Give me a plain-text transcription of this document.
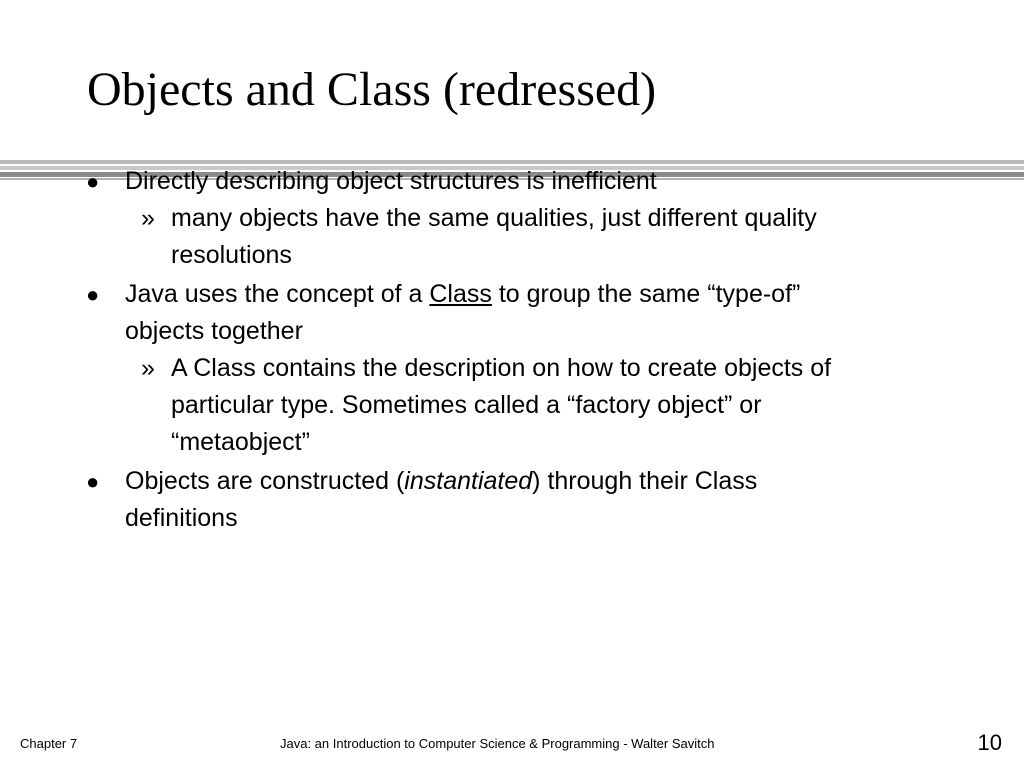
Objects and Class (redressed)
● Directly describing object structures is inefficient
» many objects have the same qualities, just different quality
resolutions
● Java uses the concept of a Class to group the same “type-of”
objects together
» A Class contains the description on how to create objects of
particular type. Sometimes called a “factory object” or
“metaobject”
● Objects are constructed (instantiated) through their Class
definitions
Chapter 7	Java: an Introduction to Computer Science & Programming - Walter Savitch	10
